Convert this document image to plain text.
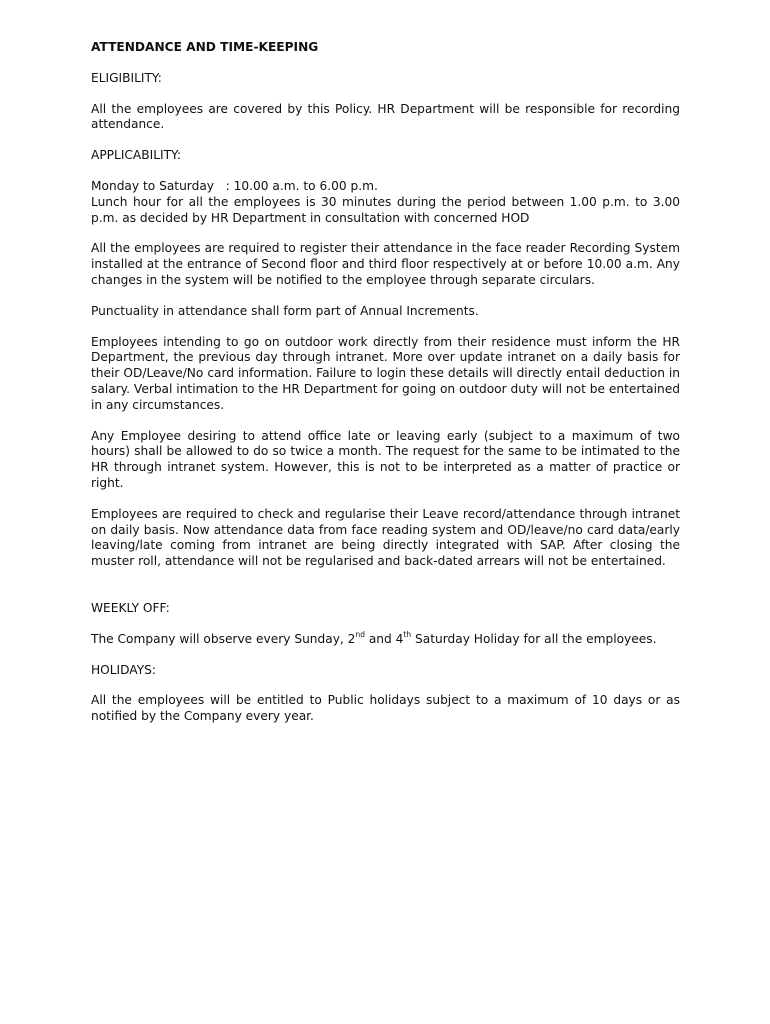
ATTENDANCE AND TIME-KEEPING
ELIGIBILITY:

All the employees are covered by this Policy. HR Department will be responsible for recording attendance.

APPLICABILITY:

Monday to Saturday   : 10.00 a.m. to 6.00 p.m.
Lunch hour for all the employees is 30 minutes during the period between 1.00 p.m. to 3.00 p.m. as decided by HR Department in consultation with concerned HOD

All the employees are required to register their attendance in the face reader Recording System installed at the entrance of Second floor and third floor respectively at or before 10.00 a.m. Any changes in the system will be notified to the employee through separate circulars.

Punctuality in attendance shall form part of Annual Increments.

Employees intending to go on outdoor work directly from their residence must inform the HR Department, the previous day through intranet. More over update intranet on a daily basis for their OD/Leave/No card information. Failure to login these details will directly entail deduction in salary. Verbal intimation to the HR Department for going on outdoor duty will not be entertained in any circumstances.

Any Employee desiring to attend office late or leaving early (subject to a maximum of two hours) shall be allowed to do so twice a month. The request for the same to be intimated to the HR through intranet system. However, this is not to be interpreted as a matter of practice or right.

Employees are required to check and regularise their Leave record/attendance through intranet on daily basis. Now attendance data from face reading system and OD/leave/no card data/early leaving/late coming from intranet are being directly integrated with SAP. After closing the muster roll, attendance will not be regularised and back-dated arrears will not be entertained.

WEEKLY OFF:

The Company will observe every Sunday, 2nd and 4th Saturday Holiday for all the employees.

HOLIDAYS:

All the employees will be entitled to Public holidays subject to a maximum of 10 days or as notified by the Company every year.
